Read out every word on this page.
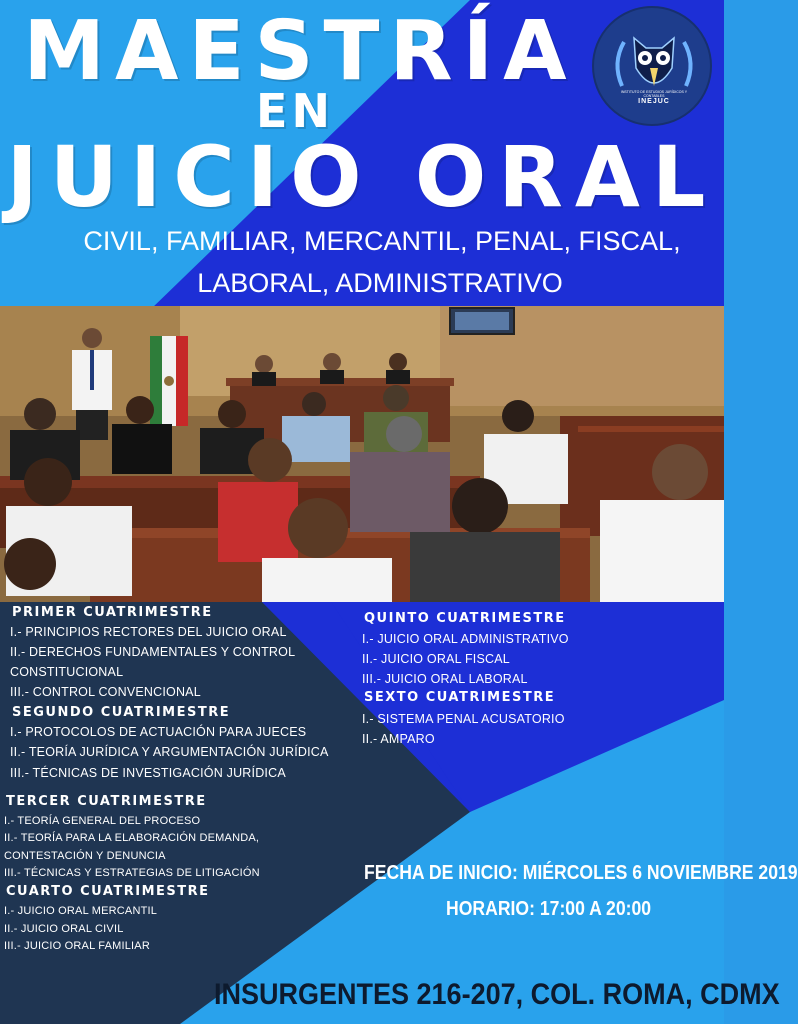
MAESTRÍA
EN
JUICIO ORAL
CIVIL, FAMILIAR, MERCANTIL, PENAL, FISCAL,
LABORAL, ADMINISTRATIVO
INSTITUTO DE ESTUDIOS JURÍDICOS Y CONTABLES
INEJUC
PRIMER CUATRIMESTRE
I.- PRINCIPIOS RECTORES DEL JUICIO ORAL
II.- DERECHOS FUNDAMENTALES Y CONTROL
CONSTITUCIONAL
III.- CONTROL CONVENCIONAL
SEGUNDO CUATRIMESTRE
I.- PROTOCOLOS DE ACTUACIÓN PARA JUECES
II.- TEORÍA JURÍDICA Y ARGUMENTACIÓN JURÍDICA
III.- TÉCNICAS DE INVESTIGACIÓN JURÍDICA
TERCER CUATRIMESTRE
I.- TEORÍA GENERAL DEL PROCESO
II.- TEORÍA PARA LA ELABORACIÓN DEMANDA,
CONTESTACIÓN Y DENUNCIA
III.- TÉCNICAS Y ESTRATEGIAS DE LITIGACIÓN
CUARTO CUATRIMESTRE
I.- JUICIO ORAL MERCANTIL
II.- JUICIO ORAL CIVIL
III.- JUICIO ORAL FAMILIAR
QUINTO CUATRIMESTRE
I.- JUICIO ORAL ADMINISTRATIVO
II.- JUICIO ORAL FISCAL
III.- JUICIO ORAL LABORAL
SEXTO CUATRIMESTRE
I.- SISTEMA PENAL ACUSATORIO
II.- AMPARO
FECHA DE INICIO: MIÉRCOLES 6 NOVIEMBRE 2019
HORARIO: 17:00 A 20:00
INSURGENTES 216-207, COL. ROMA, CDMX
